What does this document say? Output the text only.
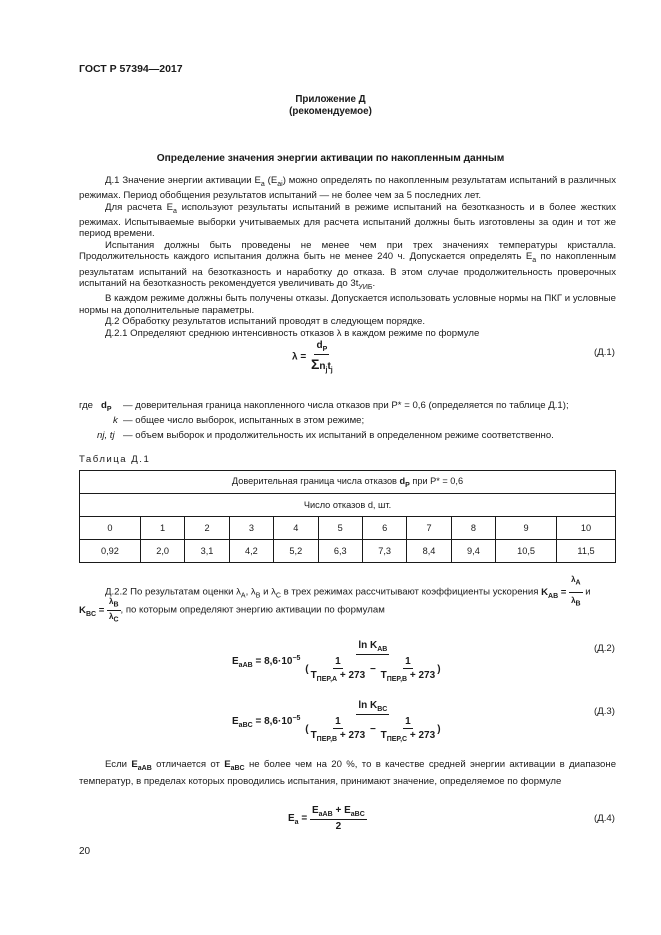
ГОСТ Р 57394—2017
Приложение Д
(рекомендуемое)
Определение значения энергии активации по накопленным данным

Д.1 Значение энергии активации $E_a$ $(E_{аi})$ можно определять по накопленным результатам испытаний в различных режимах. Период обобщения результатов испытаний — не более чем за 5 последних лет.

Для расчета $E_a$ используют результаты испытаний в режиме испытаний на безотказность и в более жестких режимах. Испытываемые выборки учитываемых для расчета испытаний должны быть изготовлены за один и тот же период времени.

Испытания должны быть проведены не менее чем при трех значениях температуры кристалла. Продолжительность каждого испытания должна быть не менее 240 ч. Допускается определять $E_a$ по накопленным результатам испытаний на безотказность и наработку до отказа. В этом случае продолжительность проверочных испытаний на безотказность рекомендуется увеличивать до $3t_{УИБ}$.

В каждом режиме должны быть получены отказы. Допускается использовать условные нормы на ПКГ и условные нормы на дополнительные параметры.

Д.2 Обработку результатов испытаний проводят в следующем порядке.

Д.2.1 Определяют среднюю интенсивность отказов λ в каждом режиме по формуле

$\lambda = \frac{d_P}{\Sigma n_jt_j}$	(Д.1)
где $d_P$ — доверительная граница накопленного числа отказов при P* = 0,6 (определяется по таблице Д.1);
k — общее число выборок, испытанных в этом режиме;
nj, tj — объем выборок и продолжительность их испытаний в определенном режиме соответственно.
Таблица Д.1
Доверительная граница числа отказов $d_P$ при P* = 0,6										
Число отказов d, шт.										
0	1	2	3	4	5	6	7	8	9	10
0,92	2,0	3,1	4,2	5,2	6,3	7,3	8,4	9,4	10,5	11,5
Д.2.2 По результатам оценки $\lambda_A$, $\lambda_B$ и $\lambda_C$ в трех режимах рассчитывают коэффициенты ускорения $K_{AB} = \frac{\lambda_A}{\lambda_B}$ и
$K_{BC} = \frac{\lambda_B}{\lambda_C}$ , по которым определяют энергию активации по формулам
$E_{aAB} = 8,6\cdot 10^{-5} \frac{\ln K_{AB}}{( \frac{1}{T_{ПЕР,A} + 273} - \frac{1}{T_{ПЕР,B} + 273} )}$	(Д.2)
$E_{aBC} = 8,6\cdot 10^{-5} \frac{\ln K_{BC}}{( \frac{1}{T_{ПЕР,B} + 273} - \frac{1}{T_{ПЕР,C} + 273} )}$	(Д.3)
Если $E_{aAB}$ отличается от $E_{aBC}$ не более чем на 20 %, то в качестве средней энергии активации в диапазоне температур, в пределах которых проводились испытания, принимают значение, определяемое по формуле
$E_a = \frac{E_{aAB} + E_{aBC}}{2}$	(Д.4)
20
